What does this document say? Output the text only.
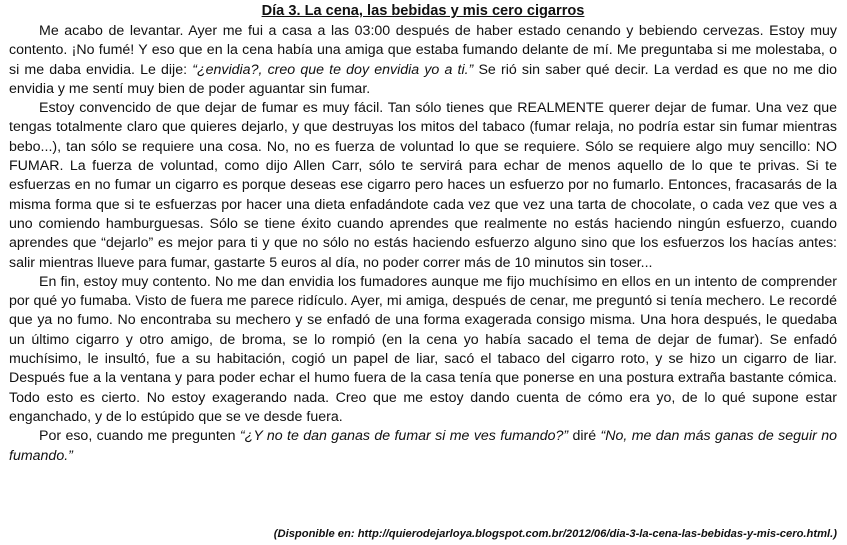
Día 3. La cena, las bebidas y mis cero cigarros

Me acabo de levantar. Ayer me fui a casa a las 03:00 después de haber estado cenando y bebiendo cervezas. Estoy muy contento. ¡No fumé! Y eso que en la cena había una amiga que estaba fumando delante de mí. Me preguntaba si me molestaba, o si me daba envidia. Le dije: “¿envidia?, creo que te doy envidia yo a ti.” Se rió sin saber qué decir. La verdad es que no me dio envidia y me sentí muy bien de poder aguantar sin fumar.

Estoy convencido de que dejar de fumar es muy fácil. Tan sólo tienes que REALMENTE querer dejar de fumar. Una vez que tengas totalmente claro que quieres dejarlo, y que destruyas los mitos del tabaco (fumar relaja, no podría estar sin fumar mientras bebo...), tan sólo se requiere una cosa. No, no es fuerza de voluntad lo que se requiere. Sólo se requiere algo muy sencillo: NO FUMAR. La fuerza de voluntad, como dijo Allen Carr, sólo te servirá para echar de menos aquello de lo que te privas. Si te esfuerzas en no fumar un cigarro es porque deseas ese cigarro pero haces un esfuerzo por no fumarlo. Entonces, fracasarás de la misma forma que si te esfuerzas por hacer una dieta enfadándote cada vez que vez una tarta de chocolate, o cada vez que ves a uno comiendo hamburguesas. Sólo se tiene éxito cuando aprendes que realmente no estás haciendo ningún esfuerzo, cuando aprendes que “dejarlo” es mejor para ti y que no sólo no estás haciendo esfuerzo alguno sino que los esfuerzos los hacías antes: salir mientras llueve para fumar, gastarte 5 euros al día, no poder correr más de 10 minutos sin toser...

En fin, estoy muy contento. No me dan envidia los fumadores aunque me fijo muchísimo en ellos en un intento de comprender por qué yo fumaba. Visto de fuera me parece ridículo. Ayer, mi amiga, después de cenar, me preguntó si tenía mechero. Le recordé que ya no fumo. No encontraba su mechero y se enfadó de una forma exagerada consigo misma. Una hora después, le quedaba un último cigarro y otro amigo, de broma, se lo rompió (en la cena yo había sacado el tema de dejar de fumar). Se enfadó muchísimo, le insultó, fue a su habitación, cogió un papel de liar, sacó el tabaco del cigarro roto, y se hizo un cigarro de liar. Después fue a la ventana y para poder echar el humo fuera de la casa tenía que ponerse en una postura extraña bastante cómica. Todo esto es cierto. No estoy exagerando nada. Creo que me estoy dando cuenta de cómo era yo, de lo qué supone estar enganchado, y de lo estúpido que se ve desde fuera.

Por eso, cuando me pregunten “¿Y no te dan ganas de fumar si me ves fumando?” diré “No, me dan más ganas de seguir no fumando.”

(Disponible en: http://quierodejarloya.blogspot.com.br/2012/06/dia-3-la-cena-las-bebidas-y-mis-cero.html.)
